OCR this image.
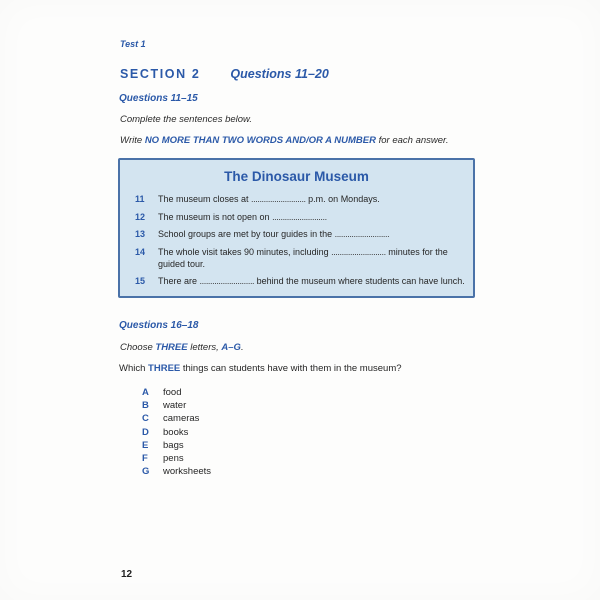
Test 1
SECTION 2 Questions 11–20
Questions 11–15
Complete the sentences below.
Write NO MORE THAN TWO WORDS AND/OR A NUMBER for each answer.
The Dinosaur Museum
11	The museum closes at .......................... p.m. on Mondays.
12	The museum is not open on ..........................
13	School groups are met by tour guides in the ..........................
14	The whole visit takes 90 minutes, including .......................... minutes for the guided tour.
15	There are .......................... behind the museum where students can have lunch.
Questions 16–18
Choose THREE letters, A–G.
Which THREE things can students have with them in the museum?
A	food
B	water
C	cameras
D	books
E	bags
F	pens
G	worksheets
12
